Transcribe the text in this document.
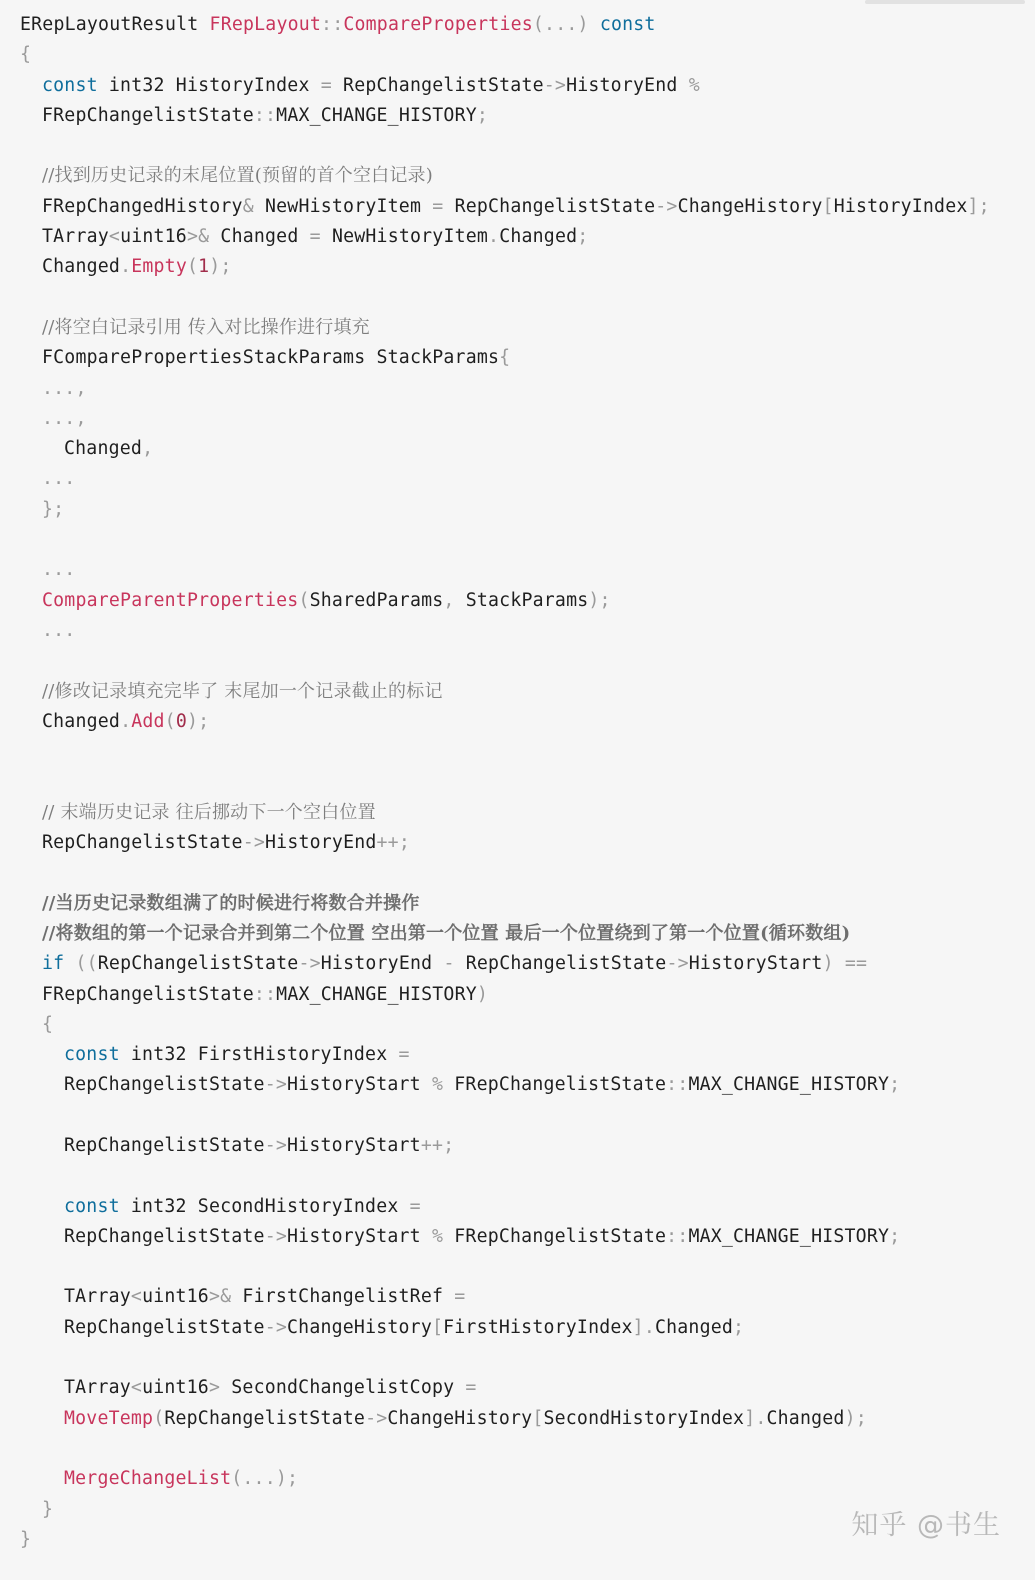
ERepLayoutResult FRepLayout::CompareProperties(...) const
{
const int32 HistoryIndex = RepChangelistState->HistoryEnd %
FRepChangelistState::MAX_CHANGE_HISTORY;
//找到历史记录的末尾位置(预留的首个空白记录)
FRepChangedHistory& NewHistoryItem = RepChangelistState->ChangeHistory[HistoryIndex];
TArray<uint16>& Changed = NewHistoryItem.Changed;
Changed.Empty(1);
//将空白记录引用 传入对比操作进行填充
FComparePropertiesStackParams StackParams{
...,
...,
Changed,
...
};
...
CompareParentProperties(SharedParams, StackParams);
...
//修改记录填充完毕了 末尾加一个记录截止的标记
Changed.Add(0);
// 末端历史记录 往后挪动下一个空白位置
RepChangelistState->HistoryEnd++;
//当历史记录数组满了的时候进行将数合并操作
//将数组的第一个记录合并到第二个位置 空出第一个位置 最后一个位置绕到了第一个位置(循环数组)
if ((RepChangelistState->HistoryEnd - RepChangelistState->HistoryStart) ==
FRepChangelistState::MAX_CHANGE_HISTORY)
{
const int32 FirstHistoryIndex =
RepChangelistState->HistoryStart % FRepChangelistState::MAX_CHANGE_HISTORY;
RepChangelistState->HistoryStart++;
const int32 SecondHistoryIndex =
RepChangelistState->HistoryStart % FRepChangelistState::MAX_CHANGE_HISTORY;
TArray<uint16>& FirstChangelistRef =
RepChangelistState->ChangeHistory[FirstHistoryIndex].Changed;
TArray<uint16> SecondChangelistCopy =
MoveTemp(RepChangelistState->ChangeHistory[SecondHistoryIndex].Changed);
MergeChangeList(...);
}
}	知乎 @书生
